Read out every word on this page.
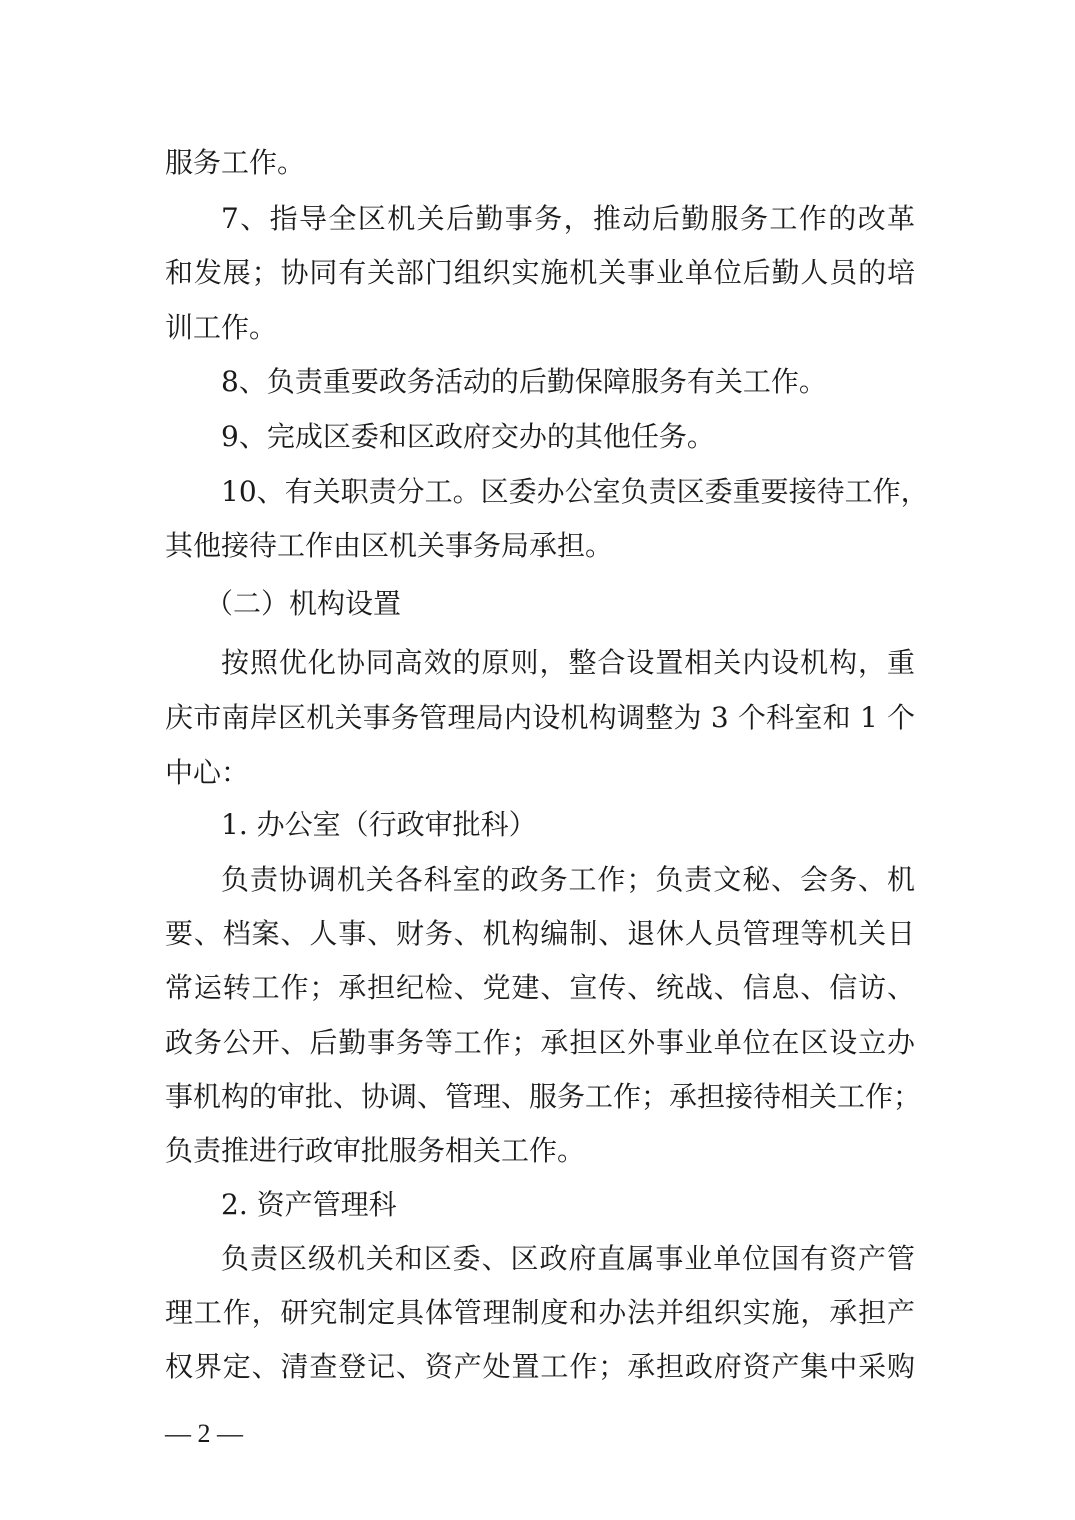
服务工作。
7、指导全区机关后勤事务，推动后勤服务工作的改革
和发展；协同有关部门组织实施机关事业单位后勤人员的培
训工作。
8、负责重要政务活动的后勤保障服务有关工作。
9、完成区委和区政府交办的其他任务。
10、有关职责分工。区委办公室负责区委重要接待工作，
其他接待工作由区机关事务局承担。
（二）机构设置
按照优化协同高效的原则，整合设置相关内设机构，重
庆市南岸区机关事务管理局内设机构调整为 3 个科室和 1 个
中心：
1. 办公室（行政审批科）
负责协调机关各科室的政务工作；负责文秘、会务、机
要、档案、人事、财务、机构编制、退休人员管理等机关日
常运转工作；承担纪检、党建、宣传、统战、信息、信访、
政务公开、后勤事务等工作；承担区外事业单位在区设立办
事机构的审批、协调、管理、服务工作；承担接待相关工作；
负责推进行政审批服务相关工作。
2. 资产管理科
负责区级机关和区委、区政府直属事业单位国有资产管
理工作，研究制定具体管理制度和办法并组织实施，承担产
权界定、清查登记、资产处置工作；承担政府资产集中采购
— 2 —
